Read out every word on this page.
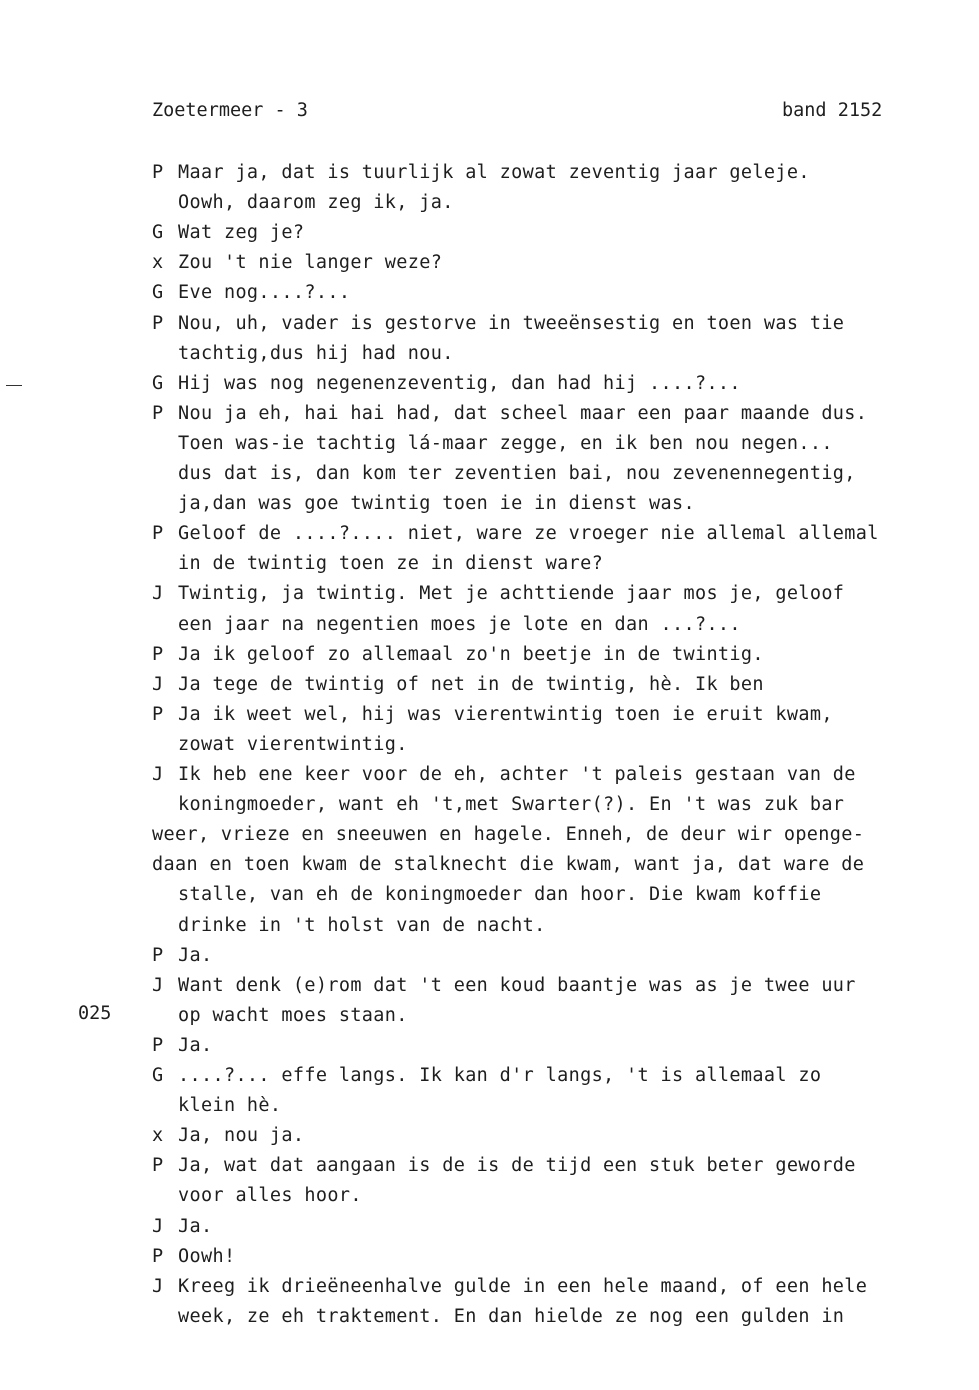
Zoetermeer - 3	band 2152
025
P Maar ja, dat is tuurlijk al zowat zeventig jaar geleje.
Oowh, daarom zeg ik, ja.
G Wat zeg je?
x Zou 't nie langer weze?
G Eve nog....?...
P Nou, uh, vader is gestorve in tweeënsestig en toen was tie
tachtig,dus hij had nou.
G Hij was nog negenenzeventig, dan had hij ....?...
P Nou ja eh, hai hai had, dat scheel maar een paar maande dus.
Toen was-ie tachtig lá-maar zegge, en ik ben nou negen...
dus dat is, dan kom ter zeventien bai, nou zevenennegentig,
ja,dan was goe twintig toen ie in dienst was.
P Geloof de ....?.... niet, ware ze vroeger nie allemal allemal
in de twintig toen ze in dienst ware?
J Twintig, ja twintig. Met je achttiende jaar mos je, geloof
een jaar na negentien moes je lote en dan ...?...
P Ja ik geloof zo allemaal zo'n beetje in de twintig.
J Ja tege de twintig of net in de twintig, hè. Ik ben
P Ja ik weet wel, hij was vierentwintig toen ie eruit kwam,
zowat vierentwintig.
J Ik heb ene keer voor de eh, achter 't paleis gestaan van de
koningmoeder, want eh 't,met Swarter(?). En 't was zuk bar
weer, vrieze en sneeuwen en hagele. Enneh, de deur wir openge-
daan en toen kwam de stalknecht die kwam, want ja, dat ware de
stalle, van eh de koningmoeder dan hoor. Die kwam koffie
drinke in 't holst van de nacht.
P Ja.
J Want denk (e)rom dat 't een koud baantje was as je twee uur
op wacht moes staan.
P Ja.
G ....?... effe langs. Ik kan d'r langs, 't is allemaal zo
klein hè.
x Ja, nou ja.
P Ja, wat dat aangaan is de is de tijd een stuk beter geworde
voor alles hoor.
J Ja.
P Oowh!
J Kreeg ik drieëneenhalve gulde in een hele maand, of een hele
week, ze eh traktement. En dan hielde ze nog een gulden in
